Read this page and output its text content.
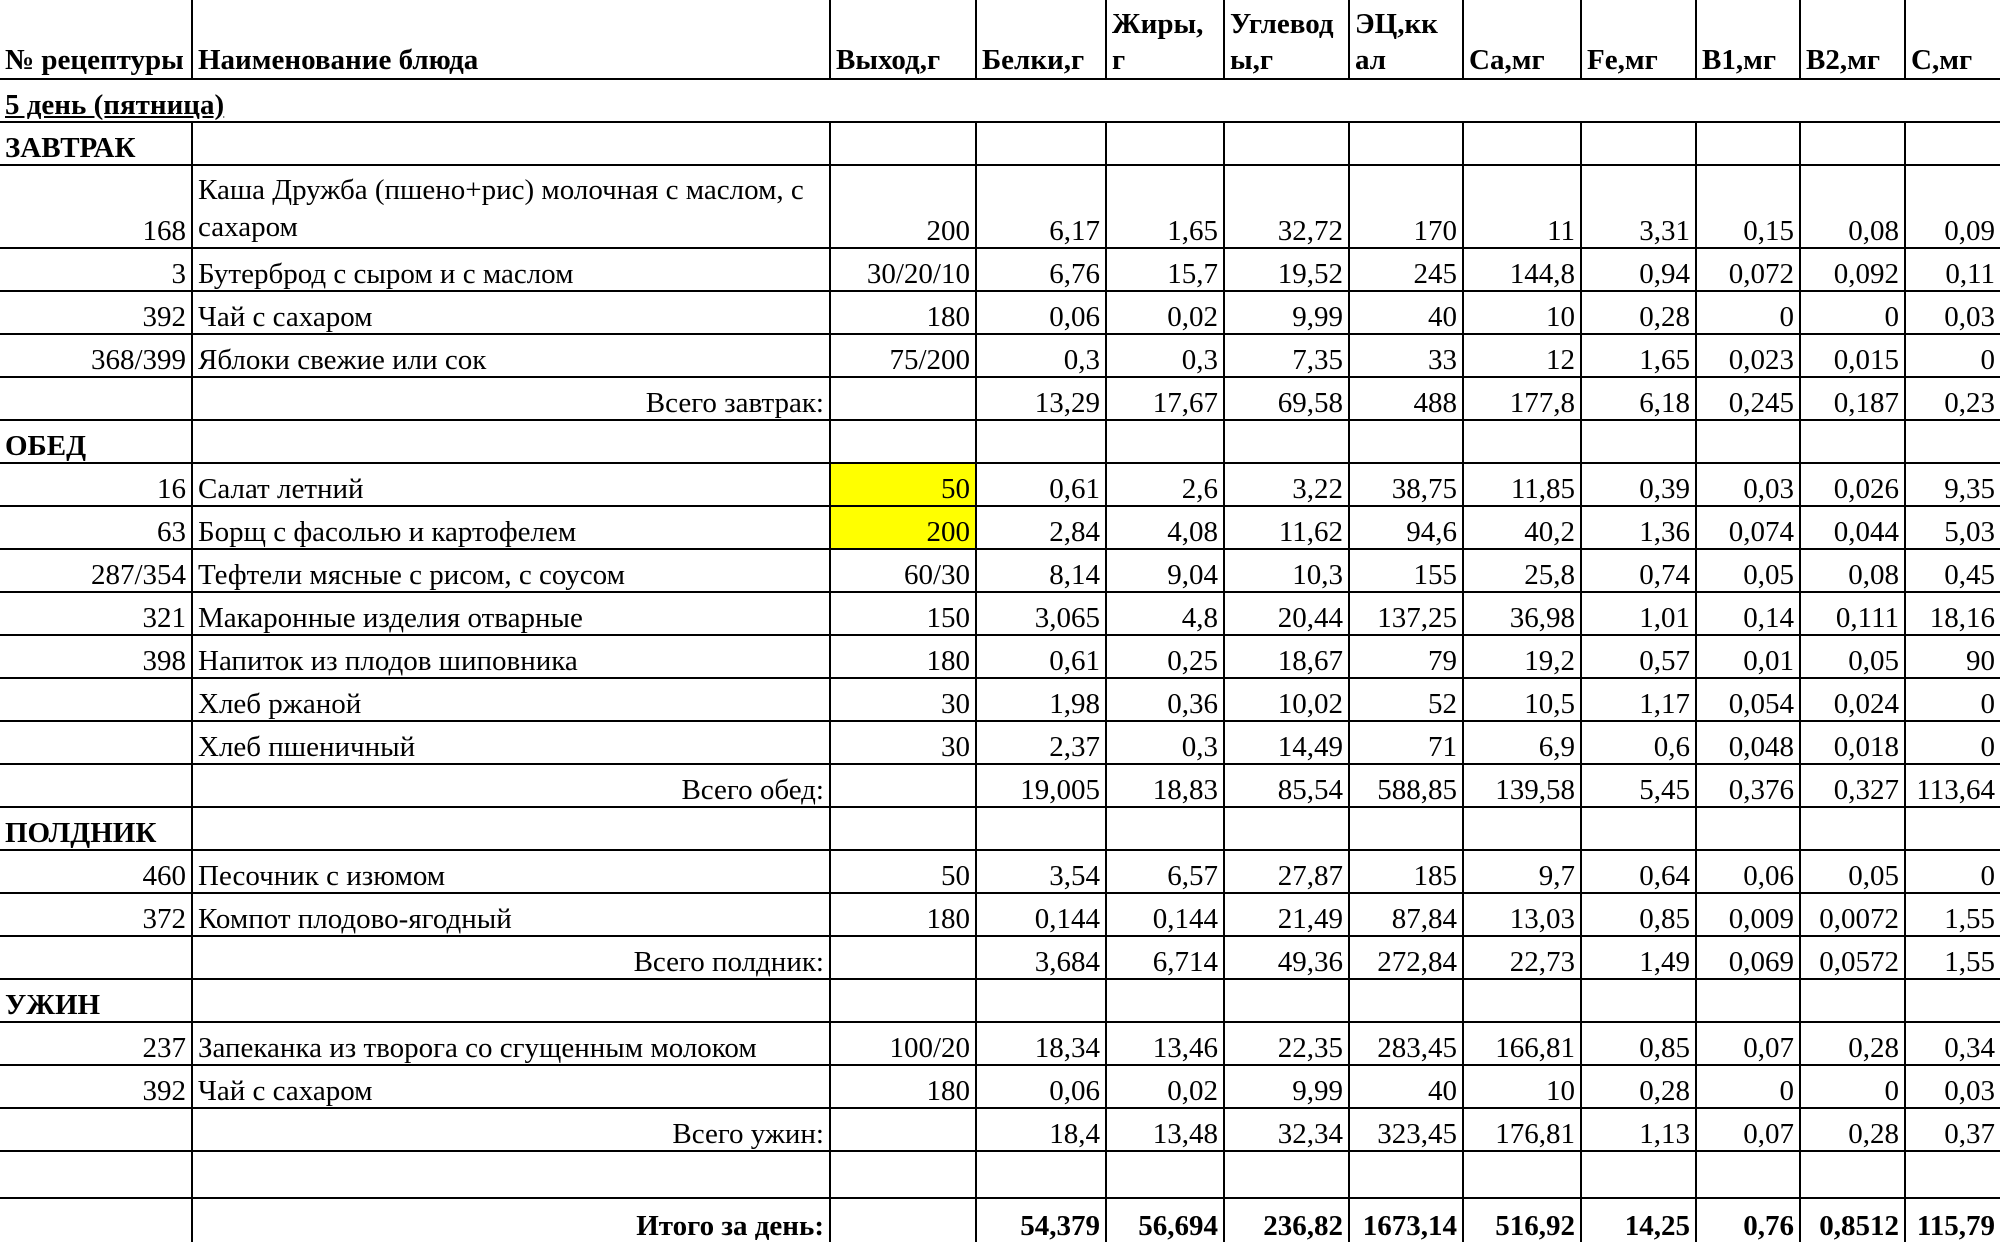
№ рецептуры	Наименование блюда	Выход,г	Белки,г	Жиры, г	Углевод ы,г	ЭЦ,кк ал	Са,мг	Fe,мг	В1,мг	В2,мг	С,мг
5 день (пятница)											
ЗАВТРАК											
168	Каша Дружба (пшено+рис) молочная с маслом, с сахаром	200	6,17	1,65	32,72	170	11	3,31	0,15	0,08	0,09
3	Бутерброд с сыром и с маслом	30/20/10	6,76	15,7	19,52	245	144,8	0,94	0,072	0,092	0,11
392	Чай с сахаром	180	0,06	0,02	9,99	40	10	0,28	0	0	0,03
368/399	Яблоки свежие или сок	75/200	0,3	0,3	7,35	33	12	1,65	0,023	0,015	0
	Всего завтрак:		13,29	17,67	69,58	488	177,8	6,18	0,245	0,187	0,23
ОБЕД											
16	Салат летний	50	0,61	2,6	3,22	38,75	11,85	0,39	0,03	0,026	9,35
63	Борщ с фасолью и картофелем	200	2,84	4,08	11,62	94,6	40,2	1,36	0,074	0,044	5,03
287/354	Тефтели мясные с рисом, с соусом	60/30	8,14	9,04	10,3	155	25,8	0,74	0,05	0,08	0,45
321	Макаронные изделия отварные	150	3,065	4,8	20,44	137,25	36,98	1,01	0,14	0,111	18,16
398	Напиток из плодов шиповника	180	0,61	0,25	18,67	79	19,2	0,57	0,01	0,05	90
	Хлеб ржаной	30	1,98	0,36	10,02	52	10,5	1,17	0,054	0,024	0
	Хлеб пшеничный	30	2,37	0,3	14,49	71	6,9	0,6	0,048	0,018	0
	Всего обед:		19,005	18,83	85,54	588,85	139,58	5,45	0,376	0,327	113,64
ПОЛДНИК											
460	Песочник с изюмом	50	3,54	6,57	27,87	185	9,7	0,64	0,06	0,05	0
372	Компот плодово-ягодный	180	0,144	0,144	21,49	87,84	13,03	0,85	0,009	0,0072	1,55
	Всего полдник:		3,684	6,714	49,36	272,84	22,73	1,49	0,069	0,0572	1,55
УЖИН											
237	Запеканка из творога со сгущенным молоком	100/20	18,34	13,46	22,35	283,45	166,81	0,85	0,07	0,28	0,34
392	Чай с сахаром	180	0,06	0,02	9,99	40	10	0,28	0	0	0,03
	Всего ужин:		18,4	13,48	32,34	323,45	176,81	1,13	0,07	0,28	0,37

	Итого за день:		54,379	56,694	236,82	1673,14	516,92	14,25	0,76	0,8512	115,79
